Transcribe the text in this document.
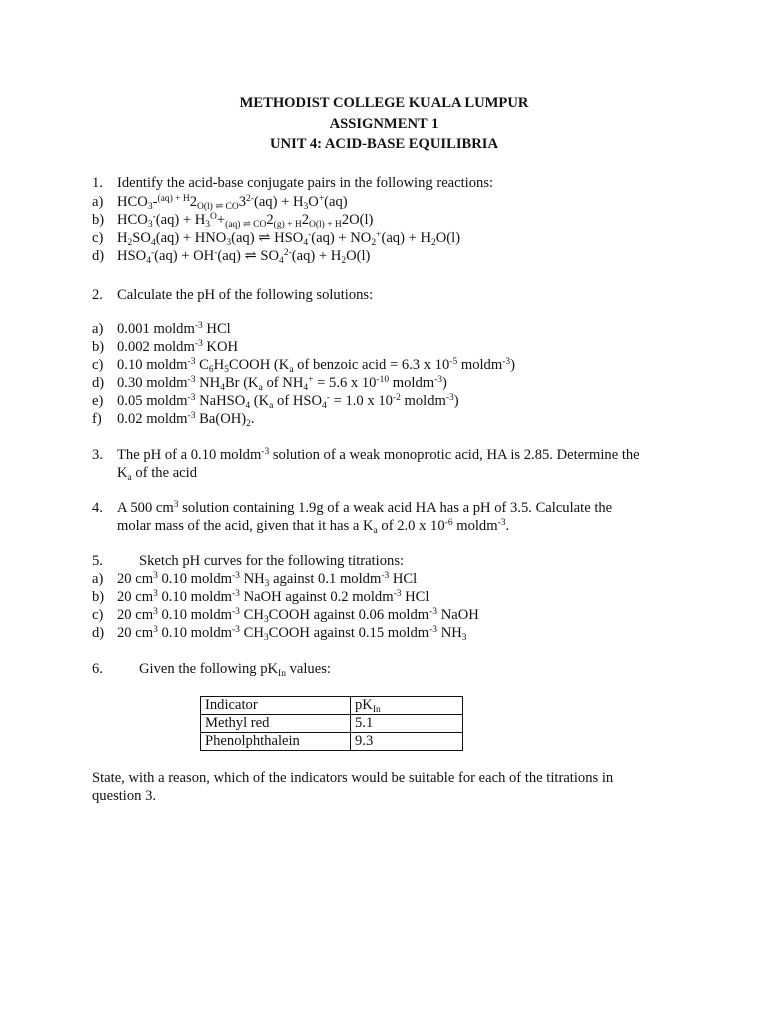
METHODIST COLLEGE KUALA LUMPUR
ASSIGNMENT 1
UNIT 4: ACID-BASE EQUILIBRIA
1. Identify the acid-base conjugate pairs in the following reactions:
a) $HCO_3-^{(aq) + H}2_{O(l) \rightleftharpoons CO}3^{2-}(aq) + H_3O^+(aq)$
b) $HCO_3^-(aq) + H_3^O+_{(aq) \rightleftharpoons CO}2_{(g) + H}2_{O(l) + H}2O(l)$
c) $H_2SO_4(aq) + HNO_3(aq)$ ⇌ $HSO_4^-(aq) + NO_2^+(aq) + H_2O(l)$
d) $HSO_4^-(aq) + OH^-(aq)$ ⇌ $SO_4^{2-}(aq) + H_2O(l)$
2. Calculate the pH of the following solutions:
a) 0.001 moldm$^{-3}$ HCl
b) 0.002 moldm$^{-3}$ KOH
c) 0.10 moldm$^{-3}$ $C_6H_5COOH$ ($K_a$ of benzoic acid = 6.3 x $10^{-5}$ moldm$^{-3}$)
d) 0.30 moldm$^{-3}$ $NH_4Br$ ($K_a$ of $NH_4^+ = 5.6$ x $10^{-10}$ moldm$^{-3}$)
e) 0.05 moldm$^{-3}$ NaHSO$_4$ ($K_a$ of $HSO_4^- = 1.0$ x $10^{-2}$ moldm$^{-3}$)
f) 0.02 moldm$^{-3}$ $Ba(OH)_2$.
3. The pH of a 0.10 moldm$^{-3}$ solution of a weak monoprotic acid, HA is 2.85. Determine the
$K_a$ of the acid
4. A 500 $cm^3$ solution containing 1.9g of a weak acid HA has a pH of 3.5. Calculate the
molar mass of the acid, given that it has a $K_a$ of 2.0 x $10^{-6}$ moldm$^{-3}$.
5. Sketch pH curves for the following titrations:
a) 20 $cm^3$ 0.10 moldm$^{-3}$ $NH_3$ against 0.1 moldm$^{-3}$ HCl
b) 20 $cm^3$ 0.10 moldm$^{-3}$ NaOH against 0.2 moldm$^{-3}$ HCl
c) 20 $cm^3$ 0.10 moldm$^{-3}$ $CH_3COOH$ against 0.06 moldm$^{-3}$ NaOH
d) 20 $cm^3$ 0.10 moldm$^{-3}$ $CH_3COOH$ against 0.15 moldm$^{-3}$ $NH_3$
6. Given the following $pK_{In}$ values:
Indicator	$pK_{In}$
Methyl red	5.1
Phenolphthalein	9.3
State, with a reason, which of the indicators would be suitable for each of the titrations in
question 3.
